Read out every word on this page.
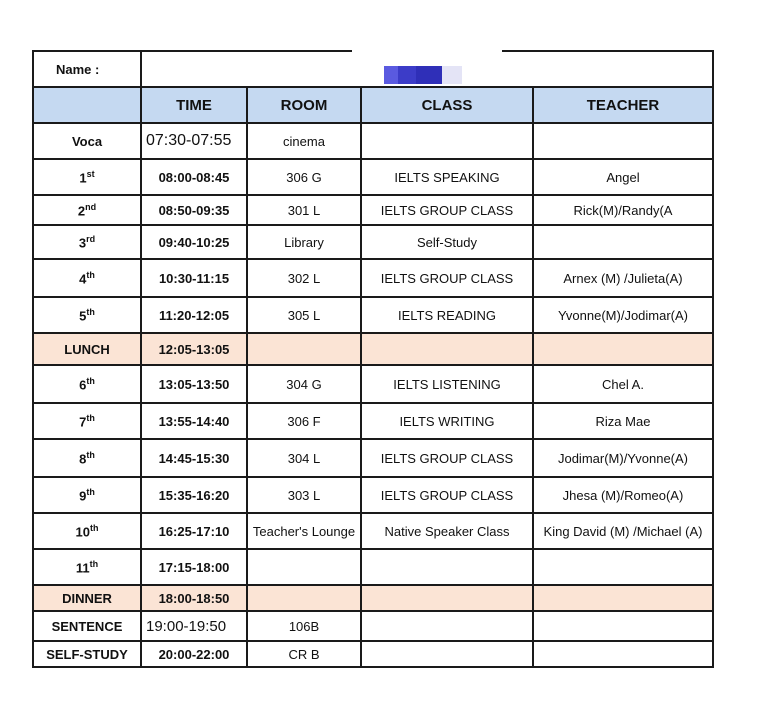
Name :				
	TIME	ROOM	CLASS	TEACHER
Voca	07:30-07:55	cinema		
1st	08:00-08:45	306 G	IELTS SPEAKING	Angel
2nd	08:50-09:35	301 L	IELTS GROUP CLASS	Rick(M)/Randy(A
3rd	09:40-10:25	Library	Self-Study	
4th	10:30-11:15	302 L	IELTS GROUP CLASS	Arnex (M) /Julieta(A)
5th	11:20-12:05	305 L	IELTS READING	Yvonne(M)/Jodimar(A)
LUNCH	12:05-13:05			
6th	13:05-13:50	304 G	IELTS LISTENING	Chel A.
7th	13:55-14:40	306 F	IELTS WRITING	Riza Mae
8th	14:45-15:30	304 L	IELTS GROUP CLASS	Jodimar(M)/Yvonne(A)
9th	15:35-16:20	303 L	IELTS GROUP CLASS	Jhesa (M)/Romeo(A)
10th	16:25-17:10	Teacher's Lounge	Native Speaker Class	King David (M) /Michael (A)
11th	17:15-18:00			
DINNER	18:00-18:50			
SENTENCE	19:00-19:50	106B		
SELF-STUDY	20:00-22:00	CR B		
